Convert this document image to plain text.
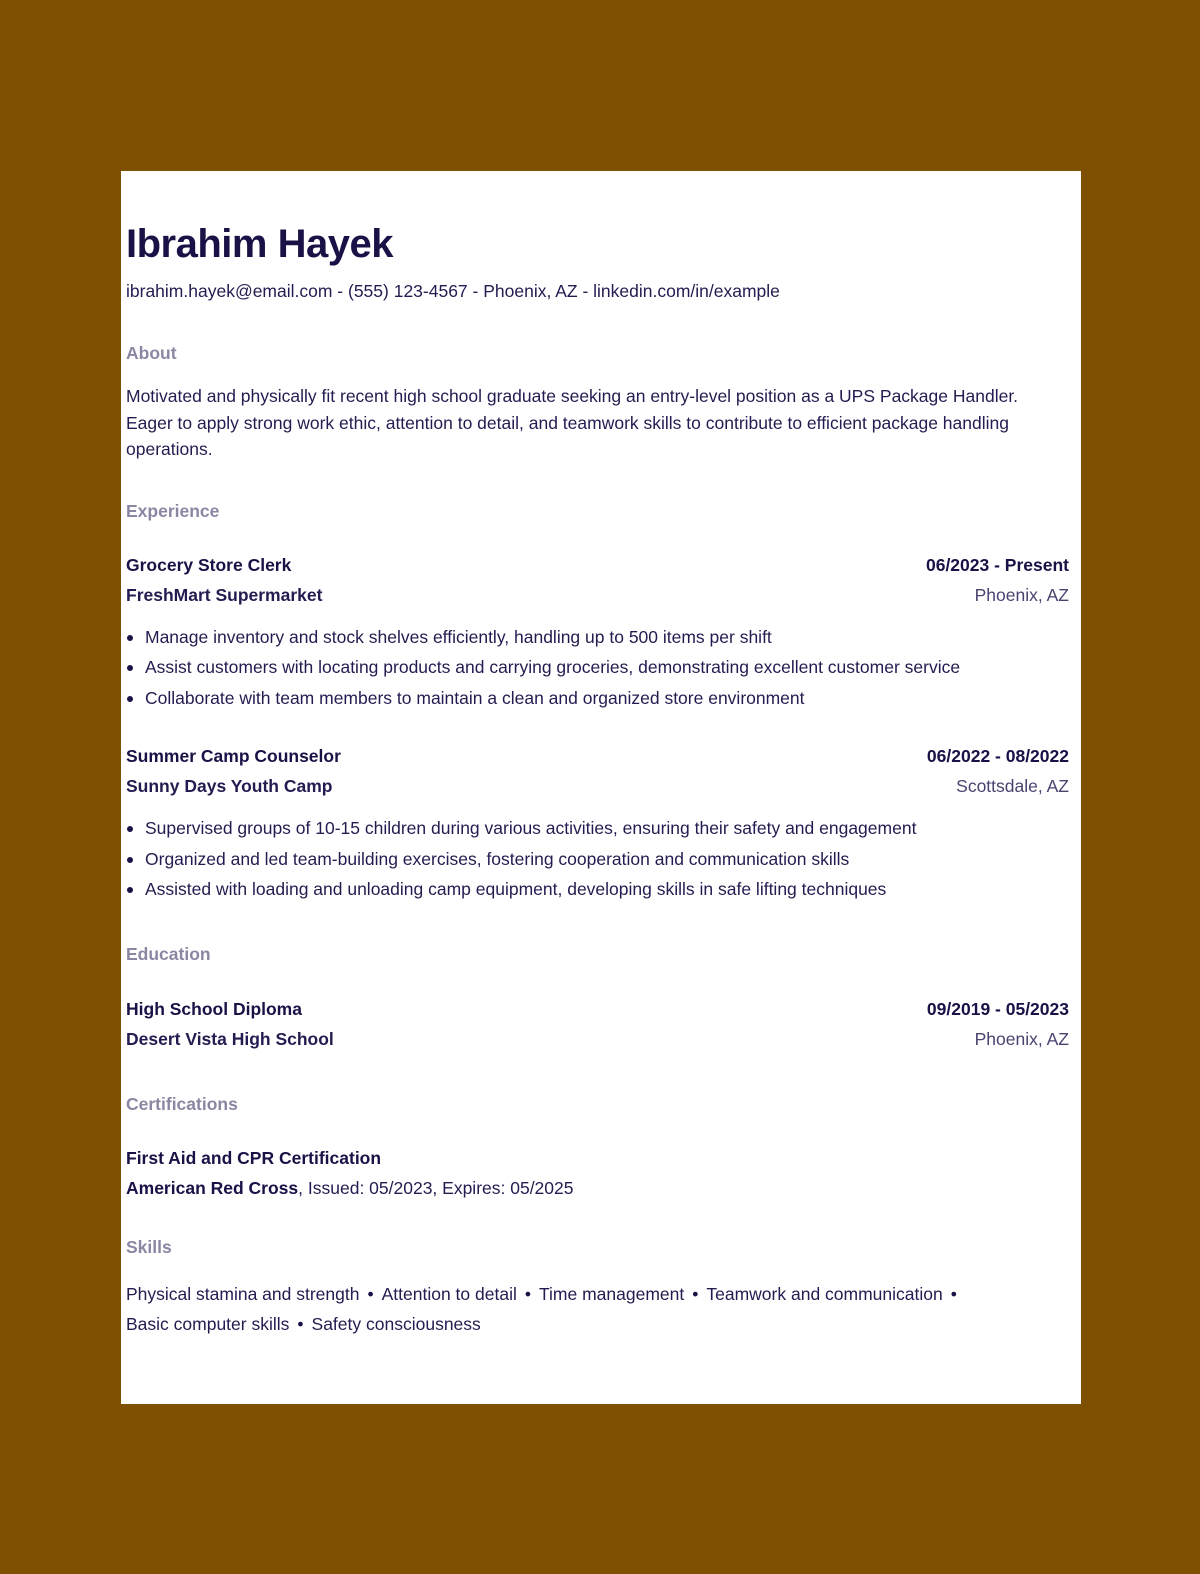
Ibrahim Hayek
ibrahim.hayek@email.com - (555) 123-4567 - Phoenix, AZ - linkedin.com/in/example
About
Motivated and physically fit recent high school graduate seeking an entry-level position as a UPS Package Handler. Eager to apply strong work ethic, attention to detail, and teamwork skills to contribute to efficient package handling operations.
Experience
Grocery Store Clerk	06/2023 - Present
FreshMart Supermarket	Phoenix, AZ
Manage inventory and stock shelves efficiently, handling up to 500 items per shift
Assist customers with locating products and carrying groceries, demonstrating excellent customer service
Collaborate with team members to maintain a clean and organized store environment
Summer Camp Counselor	06/2022 - 08/2022
Sunny Days Youth Camp	Scottsdale, AZ
Supervised groups of 10-15 children during various activities, ensuring their safety and engagement
Organized and led team-building exercises, fostering cooperation and communication skills
Assisted with loading and unloading camp equipment, developing skills in safe lifting techniques
Education
High School Diploma	09/2019 - 05/2023
Desert Vista High School	Phoenix, AZ
Certifications
First Aid and CPR Certification
American Red Cross, Issued: 05/2023, Expires: 05/2025
Skills
Physical stamina and strength • Attention to detail • Time management • Teamwork and communication •
Basic computer skills • Safety consciousness
